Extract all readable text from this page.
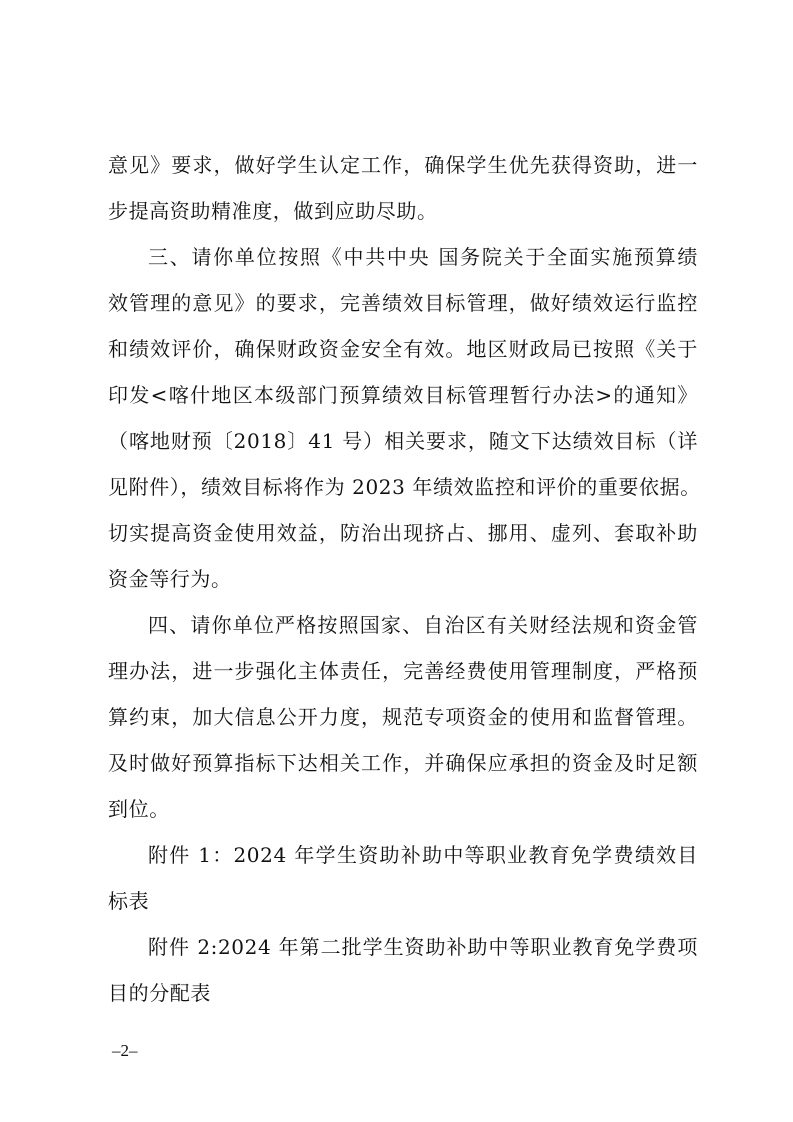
意见》要求，做好学生认定工作，确保学生优先获得资助，进一
步提高资助精准度，做到应助尽助。
三、请你单位按照《中共中央 国务院关于全面实施预算绩
效管理的意见》的要求，完善绩效目标管理，做好绩效运行监控
和绩效评价，确保财政资金安全有效。地区财政局已按照《关于
印发<喀什地区本级部门预算绩效目标管理暂行办法>的通知》
（喀地财预〔2018〕41 号）相关要求，随文下达绩效目标（详
见附件），绩效目标将作为 2023 年绩效监控和评价的重要依据。
切实提高资金使用效益，防治出现挤占、挪用、虚列、套取补助
资金等行为。
四、请你单位严格按照国家、自治区有关财经法规和资金管
理办法，进一步强化主体责任，完善经费使用管理制度，严格预
算约束，加大信息公开力度，规范专项资金的使用和监督管理。
及时做好预算指标下达相关工作，并确保应承担的资金及时足额
到位。
附件 1：2024 年学生资助补助中等职业教育免学费绩效目
标表
附件 2:2024 年第二批学生资助补助中等职业教育免学费项
目的分配表
–2–
